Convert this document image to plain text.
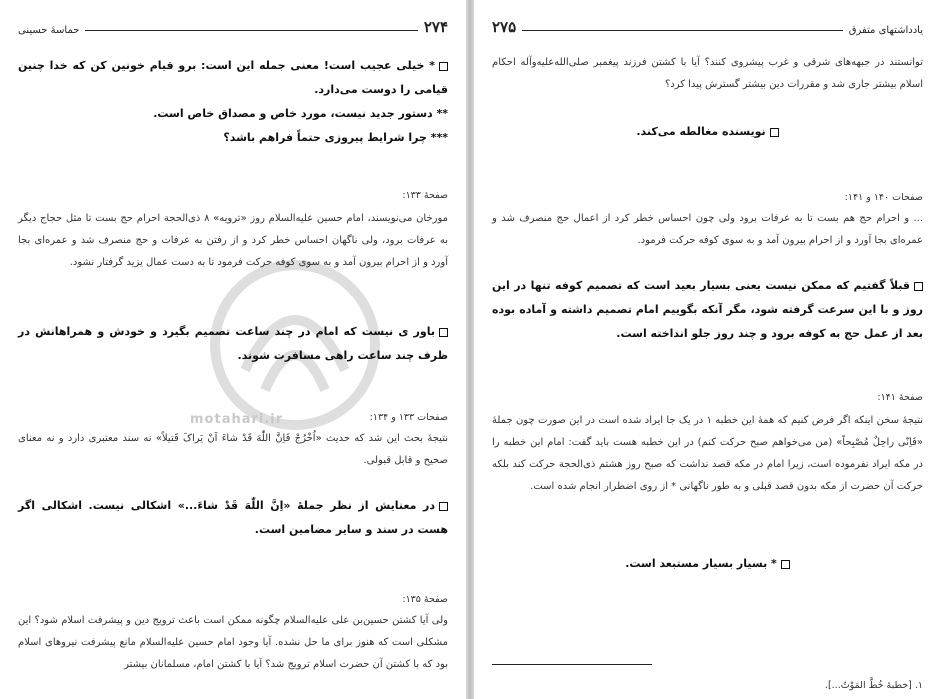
motahari.ir
حماسهٔ حسینی	۲۷۴

* خیلی عجیب است! معنی جمله این است: برو قیام خونین کن که خدا چنین قیامی را دوست می‌دارد.

** دستور جدید نیست، مورد خاص و مصداق خاص است.

*** چرا شرایط پیروزی حتماً فراهم باشد؟

صفحهٔ ۱۳۳:

مورخان می‌نویسند، امام حسین عليه‌السلام روز «ترویه» ۸ ذی‌الحجة احرام حج بست تا مثل حجاج دیگر به عرفات برود، ولی ناگهان احساس خطر کرد و از رفتن به عرفات و حج منصرف شد و عمره‌ای بجا آورد و از احرام بیرون آمد و به سوی کوفه حرکت فرمود تا به دست عمال یزید گرفتار نشود.

باور ی نیست که امام در چند ساعت تصمیم بگیرد و خودش و همراهانش در ظرف چند ساعت راهی مسافرت شوند.

صفحات ۱۳۳ و ۱۳۴:

نتیجهٔ بحث این شد که حدیث «اُخْرُجْ فَاِنَّ اللّٰهَ قَدْ شاءَ اَنْ یَراکَ قَتیلاً» نه سند معتبری دارد و نه معنای صحیح و قابل قبولی.

در معنایش از نظر جملهٔ «اِنَّ اللّٰهَ قَدْ شاءَ...» اشکالی نیست. اشکالی اگر هست در سند و سایر مضامین است.

صفحهٔ ۱۳۵:

ولی آیا کشتن حسین‌بن علی عليه‌السلام چگونه ممکن است باعث ترویج دین و پیشرفت اسلام شود؟ این مشکلی است که هنوز برای ما حل نشده. آیا وجود امام حسین عليه‌السلام مانع پیشرفت نیروهای اسلام بود که با کشتن آن حضرت اسلام ترویج شد؟ آیا با کشتن امام، مسلمانان بیشتر

یادداشتهای متفرق
۲۷۵

توانستند در جبهه‌های شرقی و غرب پیشروی کنند؟ آیا با کشتن فرزند پیغمبر صلی‌الله‌علیه‌وآله احکام اسلام بیشتر جاری شد و مقررات دین بیشتر گسترش پیدا کرد؟

نویسنده مغالطه می‌کند.

صفحات ۱۴۰ و ۱۴۱:

... و احرام حج هم بست تا به عرفات برود ولی چون احساس خطر کرد از اعمال حج منصرف شد و عمره‌ای بجا آورد و از احرام بیرون آمد و به سوی کوفه حرکت فرمود.

قبلاً گفتیم که ممکن نیست یعنی بسیار بعید است که تصمیم کوفه تنها در این روز و با این سرعت گرفته شود، مگر آنکه بگوییم امام تصمیم داشته و آماده بوده بعد از عمل حج به کوفه برود و چند روز جلو انداخته است.

صفحهٔ ۱۴۱:

نتیجهٔ سخن اینکه اگر فرض کنیم که همهٔ این خطبه ۱ در یک جا ایراد شده است در این صورت چون جملهٔ «فَاِنّی راحِلٌ مُصْبِحاً» (من می‌خواهم صبح حرکت کنم) در این خطبه هست باید گفت: امام این خطبه را در مکه ایراد نفرموده است، زیرا امام در مکه قصد نداشت که صبح روز هشتم ذی‌الحجة حرکت کند بلکه حرکت آن حضرت از مکه بدون قصد قبلی و به طور ناگهانی * از روی اضطرار انجام شده است.

* بسیار بسیار مستبعد است.

۱. [خطبهٔ خُطَّ المَوْتُ...].
